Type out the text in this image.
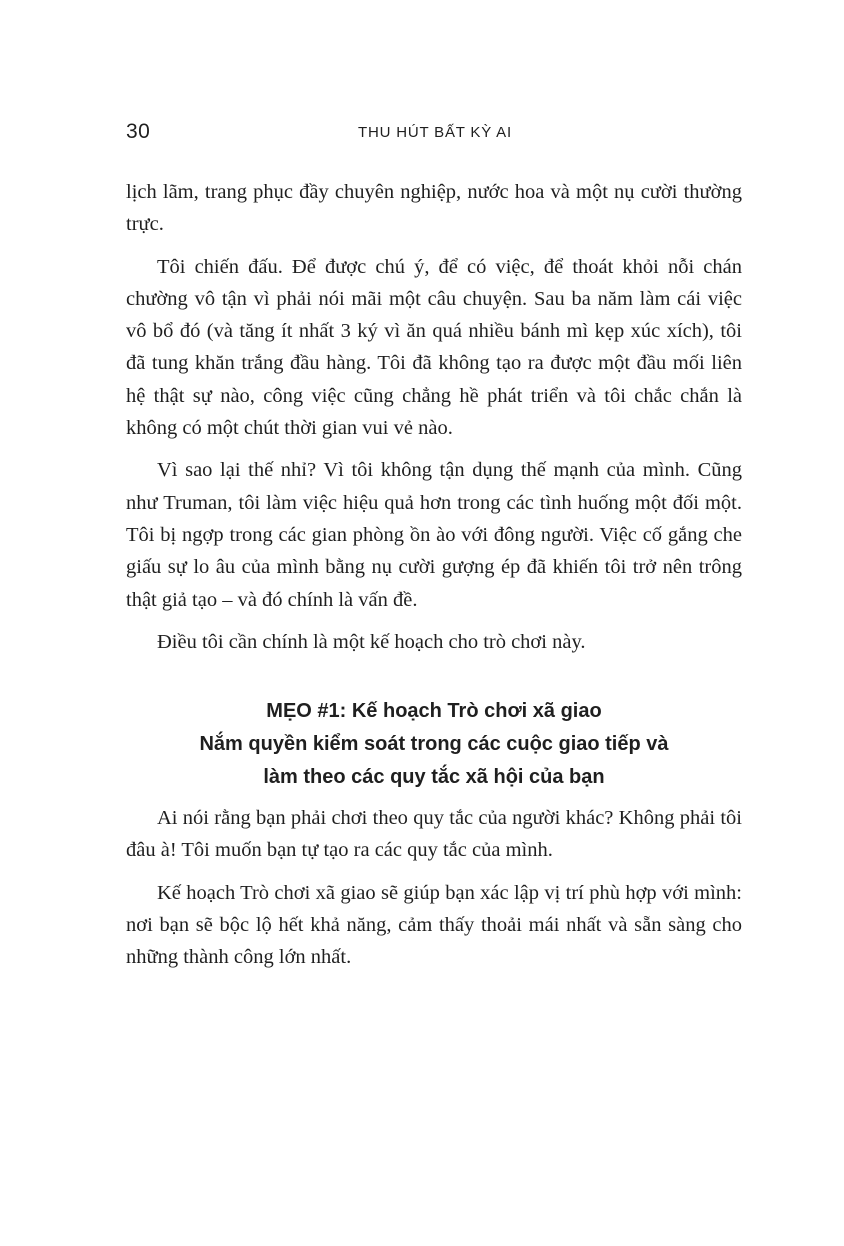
30	THU HÚT BẤT KỲ AI

lịch lãm, trang phục đầy chuyên nghiệp, nước hoa và một nụ cười thường trực.

Tôi chiến đấu. Để được chú ý, để có việc, để thoát khỏi nỗi chán chường vô tận vì phải nói mãi một câu chuyện. Sau ba năm làm cái việc vô bổ đó (và tăng ít nhất 3 ký vì ăn quá nhiều bánh mì kẹp xúc xích), tôi đã tung khăn trắng đầu hàng. Tôi đã không tạo ra được một đầu mối liên hệ thật sự nào, công việc cũng chẳng hề phát triển và tôi chắc chắn là không có một chút thời gian vui vẻ nào.

Vì sao lại thế nhỉ? Vì tôi không tận dụng thế mạnh của mình. Cũng như Truman, tôi làm việc hiệu quả hơn trong các tình huống một đối một. Tôi bị ngợp trong các gian phòng ồn ào với đông người. Việc cố gắng che giấu sự lo âu của mình bằng nụ cười gượng ép đã khiến tôi trở nên trông thật giả tạo – và đó chính là vấn đề.

Điều tôi cần chính là một kế hoạch cho trò chơi này.

MẸO #1: Kế hoạch Trò chơi xã giao
Nắm quyền kiểm soát trong các cuộc giao tiếp và
làm theo các quy tắc xã hội của bạn

Ai nói rằng bạn phải chơi theo quy tắc của người khác? Không phải tôi đâu à! Tôi muốn bạn tự tạo ra các quy tắc của mình.

Kế hoạch Trò chơi xã giao sẽ giúp bạn xác lập vị trí phù hợp với mình: nơi bạn sẽ bộc lộ hết khả năng, cảm thấy thoải mái nhất và sẵn sàng cho những thành công lớn nhất.
